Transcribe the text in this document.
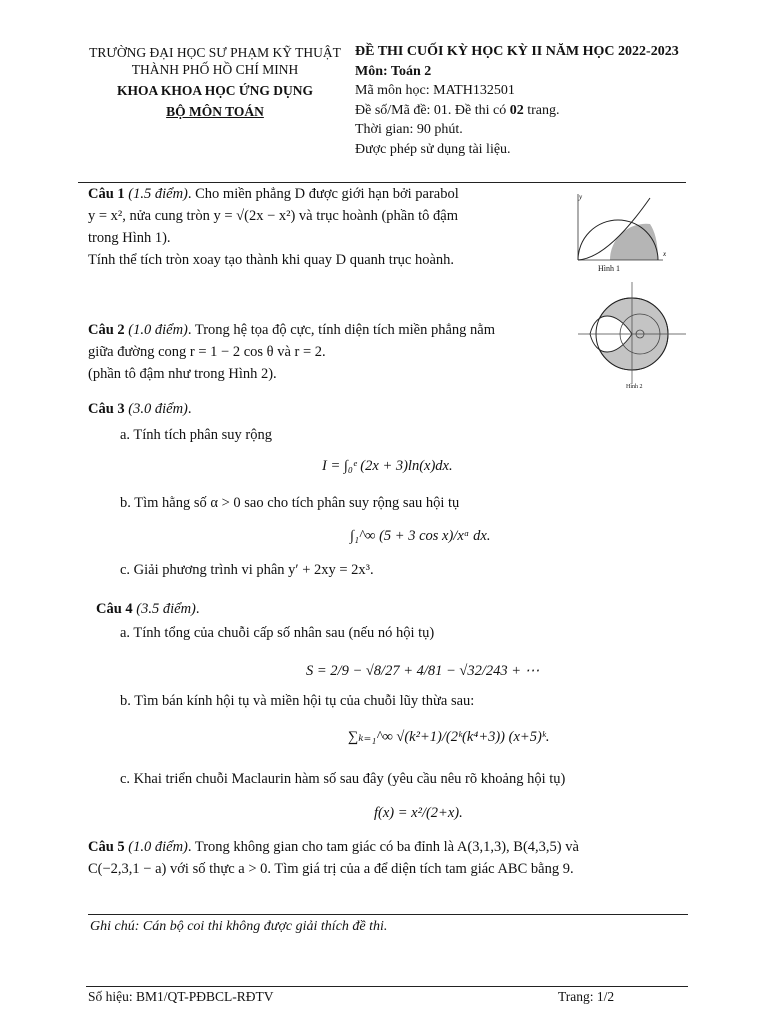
TRƯỜNG ĐẠI HỌC SƯ PHẠM KỸ THUẬT
THÀNH PHỐ HỒ CHÍ MINH
KHOA KHOA HỌC ỨNG DỤNG
BỘ MÔN TOÁN
ĐỀ THI CUỐI KỲ HỌC KỲ II NĂM HỌC 2022-2023
Môn: Toán 2
Mã môn học: MATH132501
Đề số/Mã đề: 01. Đề thi có 02 trang.
Thời gian: 90 phút.
Được phép sử dụng tài liệu.
Câu 1 (1.5 điểm). Cho miền phẳng D được giới hạn bởi parabol
y = x², nửa cung tròn y = √(2x − x²) và trục hoành (phần tô đậm
trong Hình 1).
Tính thể tích tròn xoay tạo thành khi quay D quanh trục hoành.
y
x
Hình 1
Hình 2
Câu 2 (1.0 điểm). Trong hệ tọa độ cực, tính diện tích miền phẳng nằm
giữa đường cong r = 1 − 2 cos θ và r = 2.
(phần tô đậm như trong Hình 2).
Câu 3 (3.0 điểm).
a. Tính tích phân suy rộng
I = ∫₀ᵉ (2x + 3)ln(x)dx.
b. Tìm hằng số α > 0 sao cho tích phân suy rộng sau hội tụ
∫₁^∞ (5 + 3 cos x)/xᵅ dx.
c. Giải phương trình vi phân y′ + 2xy = 2x³.
Câu 4 (3.5 điểm).
a. Tính tổng của chuỗi cấp số nhân sau (nếu nó hội tụ)
S = 2/9 − √8/27 + 4/81 − √32/243 + ⋯
b. Tìm bán kính hội tụ và miền hội tụ của chuỗi lũy thừa sau:
∑ₖ₌₁^∞ √(k²+1)/(2ᵏ(k⁴+3)) (x+5)ᵏ.
c. Khai triển chuỗi Maclaurin hàm số sau đây (yêu cầu nêu rõ khoảng hội tụ)
f(x) = x²/(2+x).
Câu 5 (1.0 điểm). Trong không gian cho tam giác có ba đỉnh là A(3,1,3), B(4,3,5) và
C(−2,3,1 − a) với số thực a > 0. Tìm giá trị của a để diện tích tam giác ABC bằng 9.
Ghi chú: Cán bộ coi thi không được giải thích đề thi.
Số hiệu: BM1/QT-PĐBCL-RĐTV	Trang: 1/2
